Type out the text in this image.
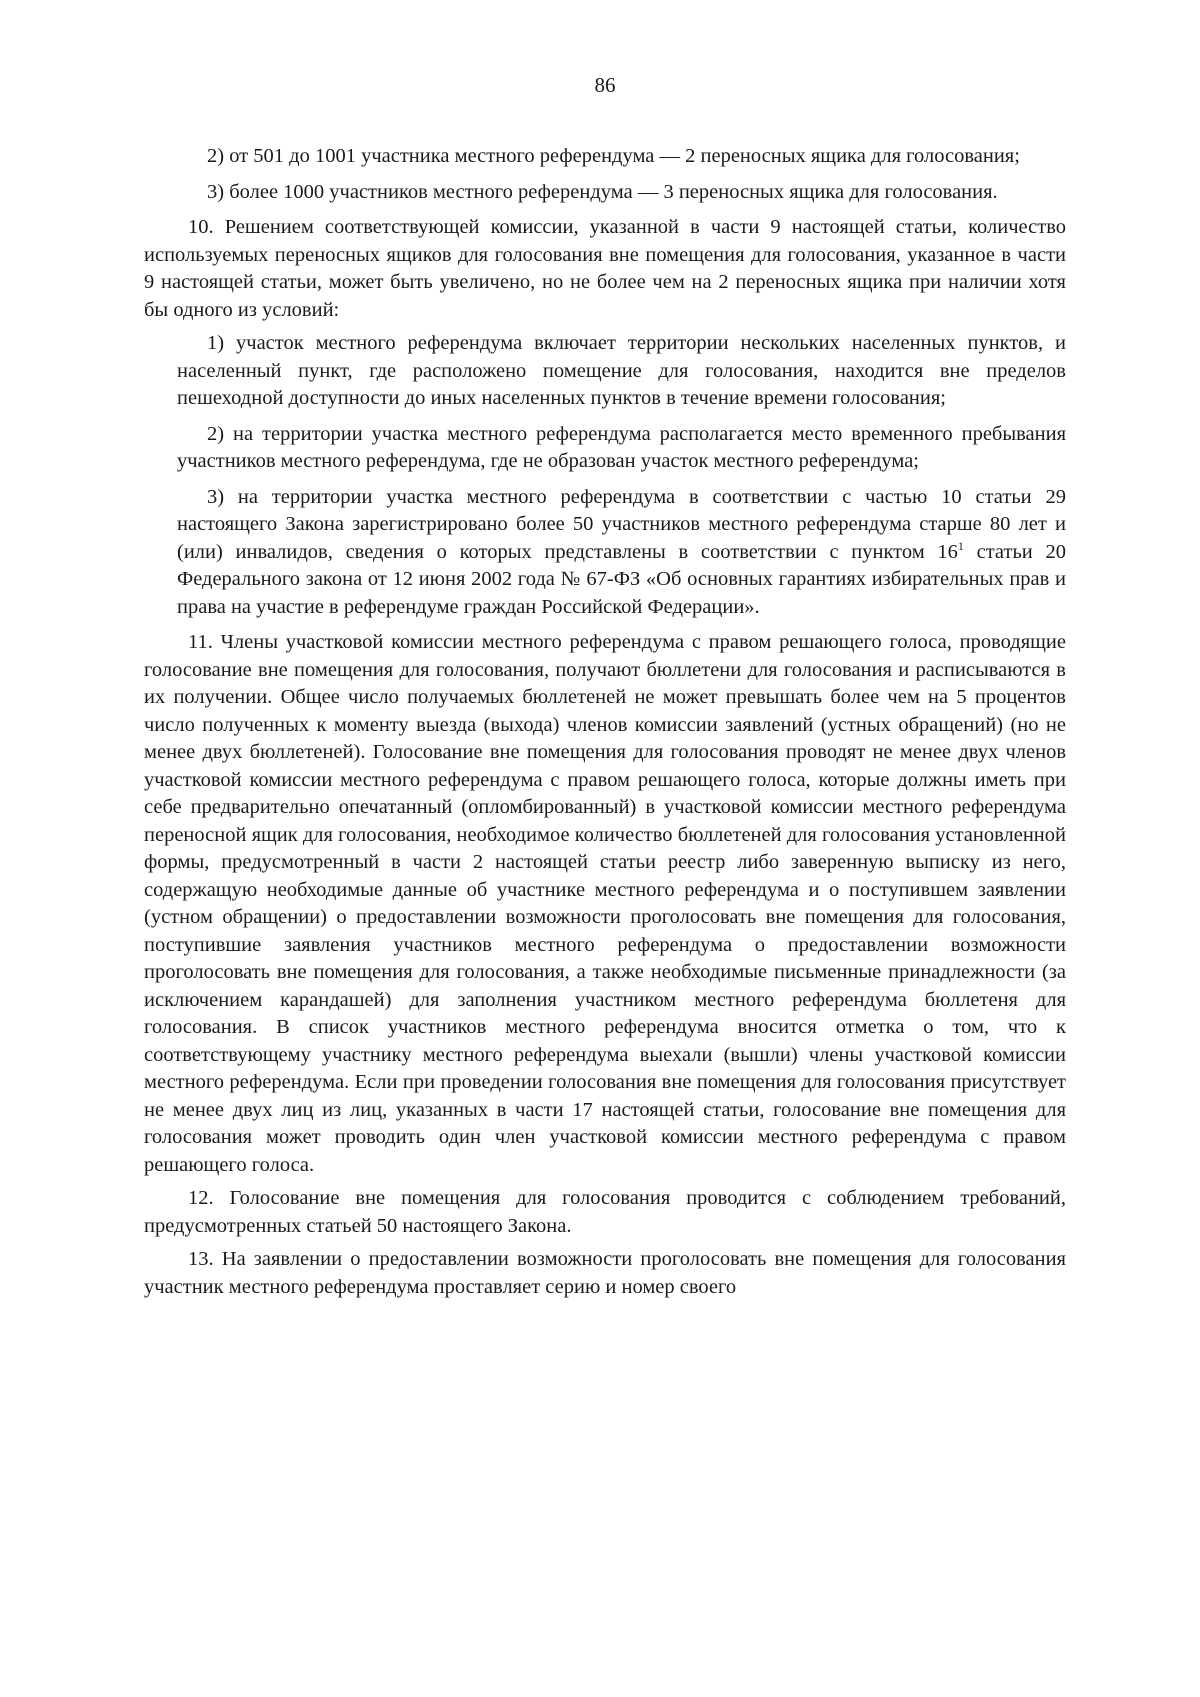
86

2) от 501 до 1001 участника местного референдума — 2 переносных ящика для голосования;

3) более 1000 участников местного референдума — 3 переносных ящика для голосования.

10. Решением соответствующей комиссии, указанной в части 9 настоящей статьи, количество используемых переносных ящиков для голосования вне помещения для голосования, указанное в части 9 настоящей статьи, может быть увеличено, но не более чем на 2 переносных ящика при наличии хотя бы одного из условий:

1) участок местного референдума включает территории нескольких населенных пунктов, и населенный пункт, где расположено помещение для голосования, находится вне пределов пешеходной доступности до иных населенных пунктов в течение времени голосования;

2) на территории участка местного референдума располагается место временного пребывания участников местного референдума, где не образован участок местного референдума;

3) на территории участка местного референдума в соответствии с частью 10 статьи 29 настоящего Закона зарегистрировано более 50 участников местного референдума старше 80 лет и (или) инвалидов, сведения о которых представлены в соответствии с пунктом $16^1$ статьи 20 Федерального закона от 12 июня 2002 года № 67-ФЗ «Об основных гарантиях избирательных прав и права на участие в референдуме граждан Российской Федерации».

11. Члены участковой комиссии местного референдума с правом решающего голоса, проводящие голосование вне помещения для голосования, получают бюллетени для голосования и расписываются в их получении. Общее число получаемых бюллетеней не может превышать более чем на 5 процентов число полученных к моменту выезда (выхода) членов комиссии заявлений (устных обращений) (но не менее двух бюллетеней). Голосование вне помещения для голосования проводят не менее двух членов участковой комиссии местного референдума с правом решающего голоса, которые должны иметь при себе предварительно опечатанный (опломбированный) в участковой комиссии местного референдума переносной ящик для голосования, необходимое количество бюллетеней для голосования установленной формы, предусмотренный в части 2 настоящей статьи реестр либо заверенную выписку из него, содержащую необходимые данные об участнике местного референдума и о поступившем заявлении (устном обращении) о предоставлении возможности проголосовать вне помещения для голосования, поступившие заявления участников местного референдума о предоставлении возможности проголосовать вне помещения для голосования, а также необходимые письменные принадлежности (за исключением карандашей) для заполнения участником местного референдума бюллетеня для голосования. В список участников местного референдума вносится отметка о том, что к соответствующему участнику местного референдума выехали (вышли) члены участковой комиссии местного референдума. Если при проведении голосования вне помещения для голосования присутствует не менее двух лиц из лиц, указанных в части 17 настоящей статьи, голосование вне помещения для голосования может проводить один член участковой комиссии местного референдума с правом решающего голоса.

12. Голосование вне помещения для голосования проводится с соблюдением требований, предусмотренных статьей 50 настоящего Закона.

13. На заявлении о предоставлении возможности проголосовать вне помещения для голосования участник местного референдума проставляет серию и номер своего
